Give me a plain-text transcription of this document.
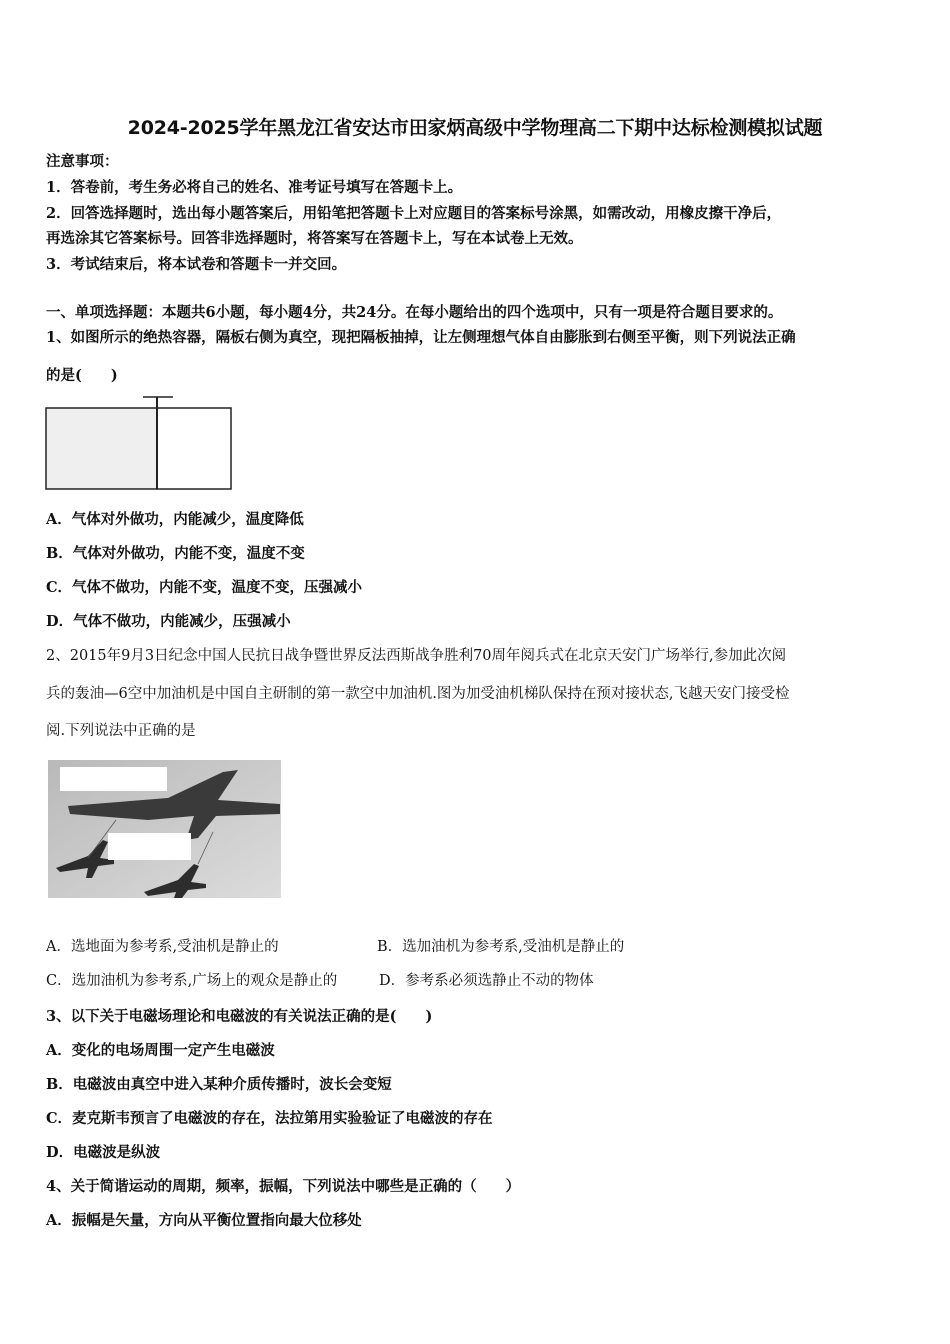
2024-2025学年黑龙江省安达市田家炳高级中学物理高二下期中达标检测模拟试题
注意事项：
1．答卷前，考生务必将自己的姓名、准考证号填写在答题卡上。
2．回答选择题时，选出每小题答案后，用铅笔把答题卡上对应题目的答案标号涂黑，如需改动，用橡皮擦干净后，
再选涂其它答案标号。回答非选择题时，将答案写在答题卡上，写在本试卷上无效。
3．考试结束后，将本试卷和答题卡一并交回。
一、单项选择题：本题共6小题，每小题4分，共24分。在每小题给出的四个选项中，只有一项是符合题目要求的。
1、如图所示的绝热容器，隔板右侧为真空，现把隔板抽掉，让左侧理想气体自由膨胀到右侧至平衡，则下列说法正确
的是(　　)
A．气体对外做功，内能减少，温度降低
B．气体对外做功，内能不变，温度不变
C．气体不做功，内能不变，温度不变，压强减小
D．气体不做功，内能减少，压强减小
2、2015年9月3日纪念中国人民抗日战争暨世界反法西斯战争胜利70周年阅兵式在北京天安门广场举行,参加此次阅
兵的轰油—6空中加油机是中国自主研制的第一款空中加油机.图为加受油机梯队保持在预对接状态,飞越天安门接受检
阅.下列说法中正确的是
A．选地面为参考系,受油机是静止的	B．选加油机为参考系,受油机是静止的
C．选加油机为参考系,广场上的观众是静止的	D．参考系必须选静止不动的物体
3、以下关于电磁场理论和电磁波的有关说法正确的是(　　)
A．变化的电场周围一定产生电磁波
B．电磁波由真空中进入某种介质传播时，波长会变短
C．麦克斯韦预言了电磁波的存在，法拉第用实验验证了电磁波的存在
D．电磁波是纵波
4、关于简谐运动的周期，频率，振幅，下列说法中哪些是正确的（　　）
A．振幅是矢量，方向从平衡位置指向最大位移处
